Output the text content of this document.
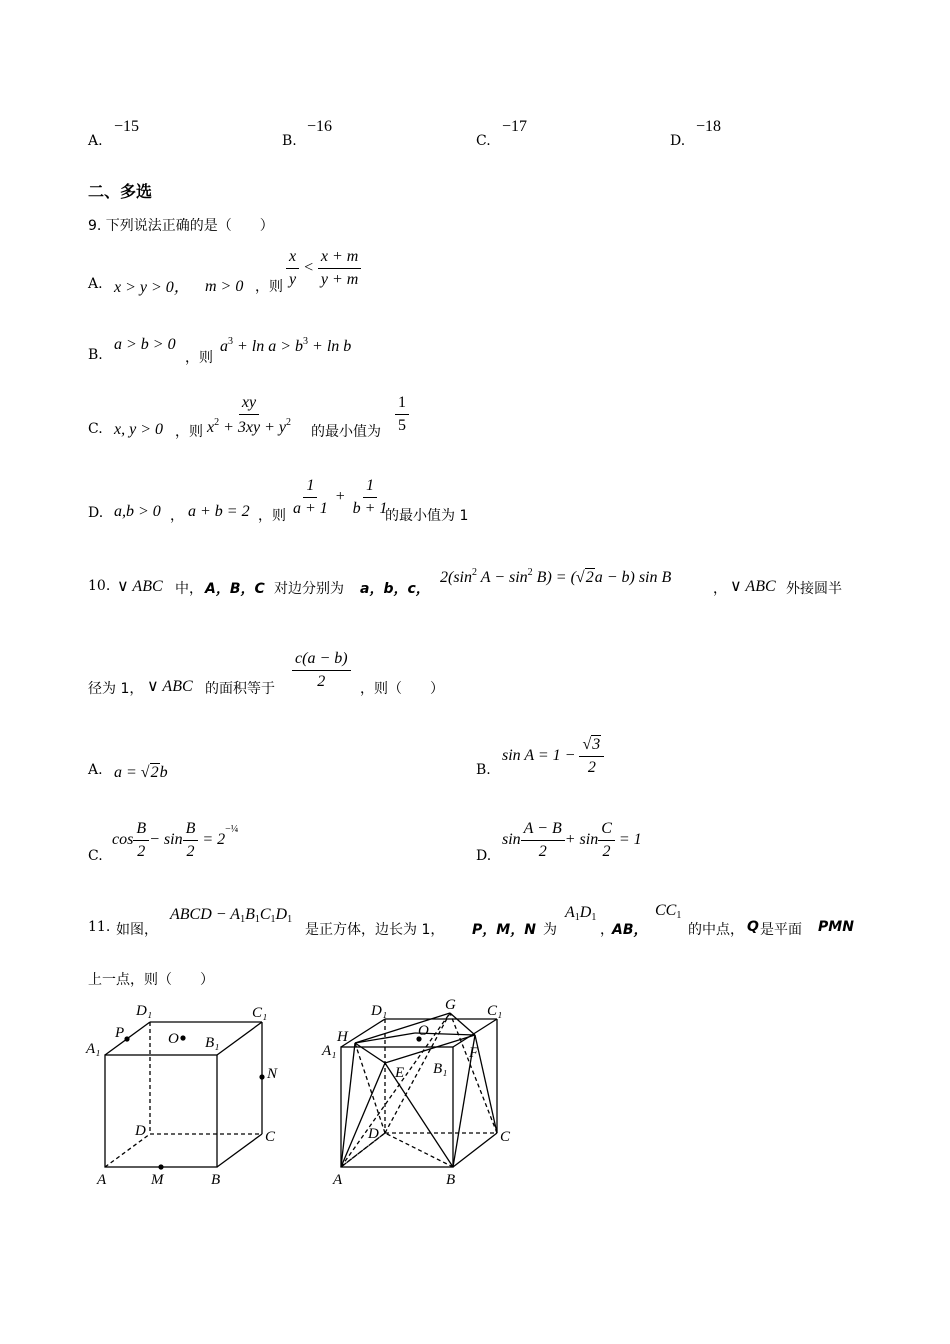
A.
−15
B.
−16
C.
−17
D.
−18
二、多选
9. 下列说法正确的是（　　）
A. x > y > 0， m > 0 ，则 $\frac{x}{y} < \frac{x + m}{y + m}$
B.
a > b > 0
，则
$a^3 + \ln a > b^3 + \ln b$
C. x, y > 0 ，则 $\frac{xy}{x^2 + 3xy + y^2}$ 的最小值为 $\frac{1}{5}$
D. a,b > 0 ， a + b = 2 ，则 $\frac{1}{a + 1} + \frac{1}{b + 1}$
的最小值为 1
10. ∨ ABC 中， A，B，C 对边分别为 a，b，c，
$2(\sin^2$ $A - \sin^2 B) = (√2a - b)$ sin B
， ∨ ABC 外接圆半
径为 1， ∨ ABC 的面积等于 $\frac{c(a - b)}{2}$ ，则（　　）
A. a = √2b	B.
$\sin A = 1 - \frac{√3}{2}$
C.
$\cos \frac{B}{2} - \sin \frac{B}{2} = 2^{-\frac{1}{4}}$
D.
$\sin \frac{A - B}{2} + \sin \frac{C}{2} = 1$
11. 如图，
ABCD − $A_1B_1C_1D_1$
是正方体，边长为 1， P，M，N 为
$A_1D_1$
，
AB，
$CC_1$
的中点， Q 是平面 PMN
上一点，则（　　）
D₁	C₁
A₁
P	O B₁
N
D	C
A	M	B
D₁	G C₁
H	O
A₁	F
E B₁
D	C
A	B
